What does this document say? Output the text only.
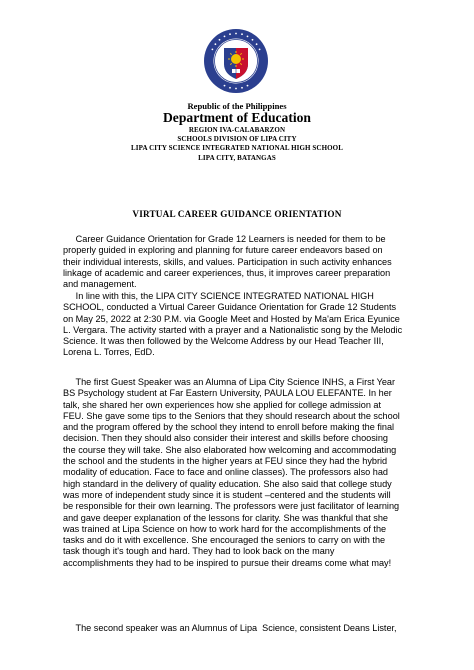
Republic of the Philippines
Department of Education
REGION IVA-CALABARZON
SCHOOLS DIVISION OF LIPA CITY
LIPA CITY SCIENCE INTEGRATED NATIONAL HIGH SCHOOL
LIPA CITY, BATANGAS
VIRTUAL CAREER GUIDANCE ORIENTATION
Career Guidance Orientation for Grade 12 Learners is needed for them to be
properly guided in exploring and planning for future career endeavors based on
their individual interests, skills, and values. Participation in such activity enhances
linkage of academic and career experiences, thus, it improves career preparation
and management.
In line with this, the LIPA CITY SCIENCE INTEGRATED NATIONAL HIGH
SCHOOL, conducted a Virtual Career Guidance Orientation for Grade 12 Students
on May 25, 2022 at 2:30 P.M. via Google Meet and Hosted by Ma'am Erica Eyunice
L. Vergara. The activity started with a prayer and a Nationalistic song by the Melodic
Science. It was then followed by the Welcome Address by our Head Teacher III,
Lorena L. Torres, EdD.
The first Guest Speaker was an Alumna of Lipa City Science INHS, a First Year
BS Psychology student at Far Eastern University, PAULA LOU ELEFANTE. In her
talk, she shared her own experiences how she applied for college admission at
FEU. She gave some tips to the Seniors that they should research about the school
and the program offered by the school they intend to enroll before making the final
decision. Then they should also consider their interest and skills before choosing
the course they will take. She also elaborated how welcoming and accommodating
the school and the students in the higher years at FEU since they had the hybrid
modality of education. Face to face and online classes). The professors also had
high standard in the delivery of quality education. She also said that college study
was more of independent study since it is student –centered and the students will
be responsible for their own learning. The professors were just facilitator of learning
and gave deeper explanation of the lessons for clarity. She was thankful that she
was trained at Lipa Science on how to work hard for the accomplishments of the
tasks and do it with excellence. She encouraged the seniors to carry on with the
task though it's tough and hard. They had to look back on the many
accomplishments they had to be inspired to pursue their dreams come what may!
The second speaker was an Alumnus of Lipa  Science, consistent Deans Lister,
